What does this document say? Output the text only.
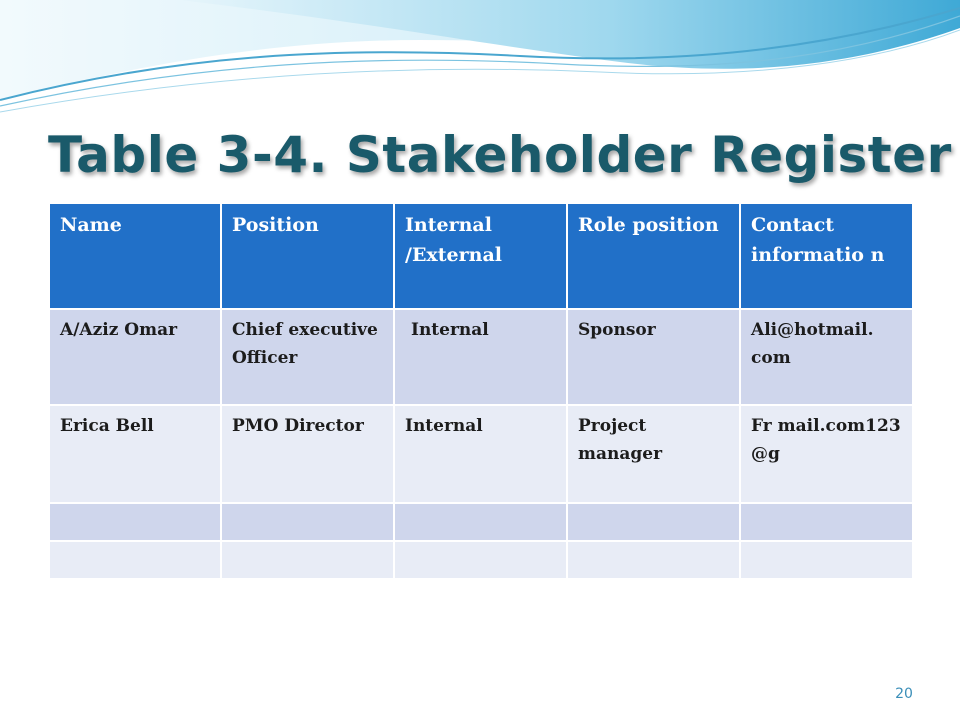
Table 3-4. Stakeholder Register
Name	Position	Internal /External	Role position	Contact informatio n
A/Aziz Omar	Chief executive Officer	Internal	Sponsor	Ali@hotmail. com
Erica Bell	PMO Director	Internal	Project manager	Fr mail.com123 @g

20
